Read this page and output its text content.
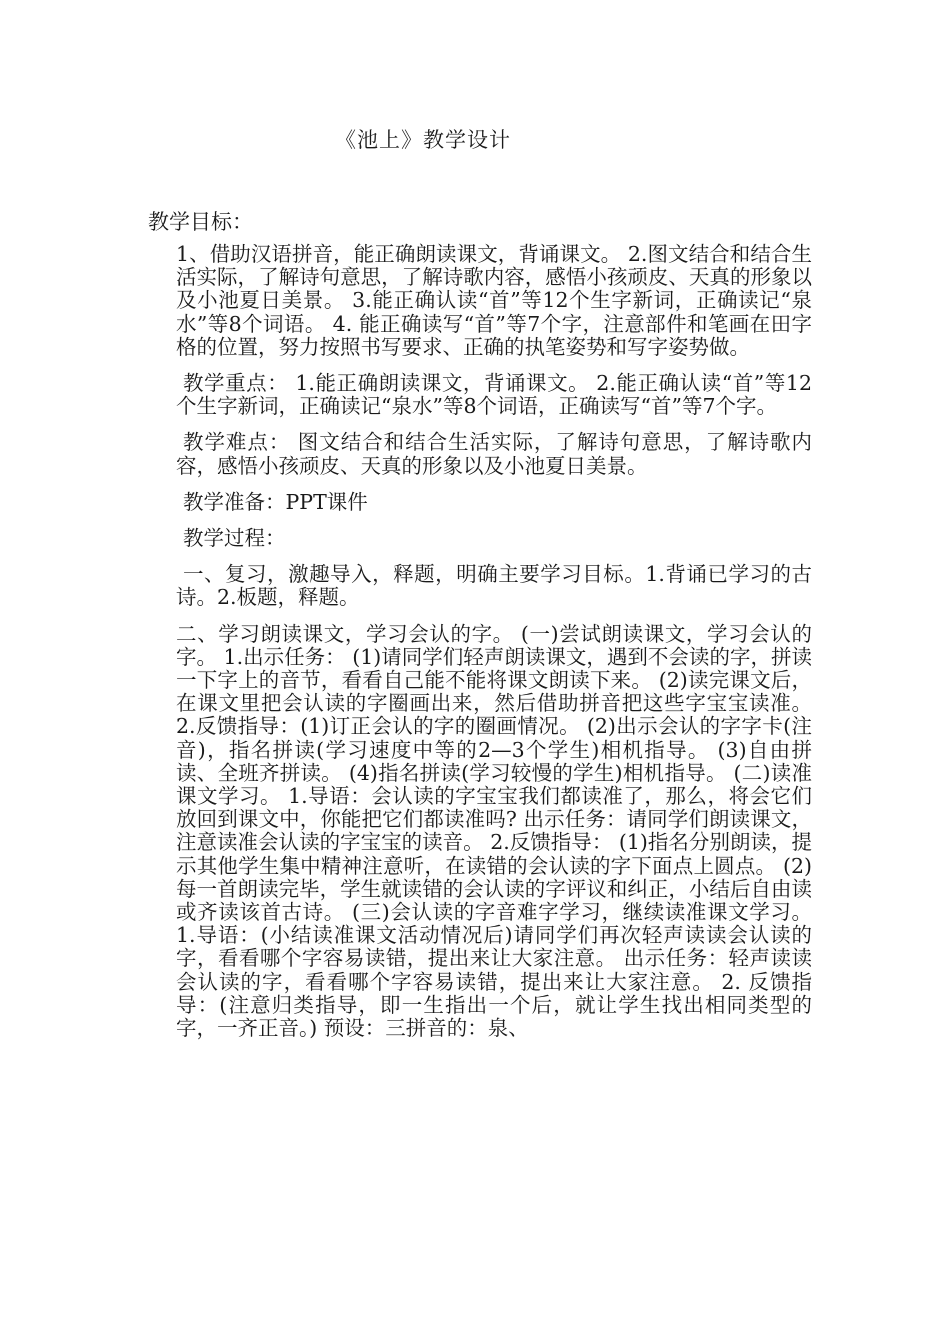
《池上》教学设计
教学目标：

1、借助汉语拼音，能正确朗读课文，背诵课文。 2.图文结合和结合生活实际，了解诗句意思，了解诗歌内容，感悟小孩顽皮、天真的形象以及小池夏日美景。 3.能正确认读“首”等12个生字新词，正确读记“泉水”等8个词语。 4. 能正确读写“首”等7个字，注意部件和笔画在田字格的位置，努力按照书写要求、正确的执笔姿势和写字姿势做。

教学重点： 1.能正确朗读课文，背诵课文。 2.能正确认读“首”等12个生字新词，正确读记“泉水”等8个词语，正确读写“首”等7个字。

教学难点： 图文结合和结合生活实际，了解诗句意思，了解诗歌内容，感悟小孩顽皮、天真的形象以及小池夏日美景。

教学准备：PPT课件

教学过程：

一、复习，激趣导入，释题，明确主要学习目标。1.背诵已学习的古诗。2.板题，释题。

二、学习朗读课文，学习会认的字。 (一)尝试朗读课文，学习会认的字。 1.出示任务： (1)请同学们轻声朗读课文，遇到不会读的字，拼读一下字上的音节，看看自己能不能将课文朗读下来。 (2)读完课文后，在课文里把会认读的字圈画出来，然后借助拼音把这些字宝宝读准。 2.反馈指导：(1)订正会认的字的圈画情况。 (2)出示会认的字字卡(注音)，指名拼读(学习速度中等的2—3个学生)相机指导。 (3)自由拼读、全班齐拼读。 (4)指名拼读(学习较慢的学生)相机指导。 (二)读准课文学习。 1.导语：会认读的字宝宝我们都读准了，那么，将会它们放回到课文中，你能把它们都读准吗? 出示任务：请同学们朗读课文，注意读准会认读的字宝宝的读音。 2.反馈指导： (1)指名分别朗读，提示其他学生集中精神注意听，在读错的会认读的字下面点上圆点。 (2)每一首朗读完毕，学生就读错的会认读的字评议和纠正，小结后自由读或齐读该首古诗。 (三)会认读的字音难字学习，继续读准课文学习。 1.导语：(小结读准课文活动情况后)请同学们再次轻声读读会认读的字，看看哪个字容易读错，提出来让大家注意。 出示任务：轻声读读会认读的字，看看哪个字容易读错，提出来让大家注意。 2. 反馈指导：(注意归类指导，即一生指出一个后，就让学生找出相同类型的字，一齐正音。) 预设：三拼音的：泉、
